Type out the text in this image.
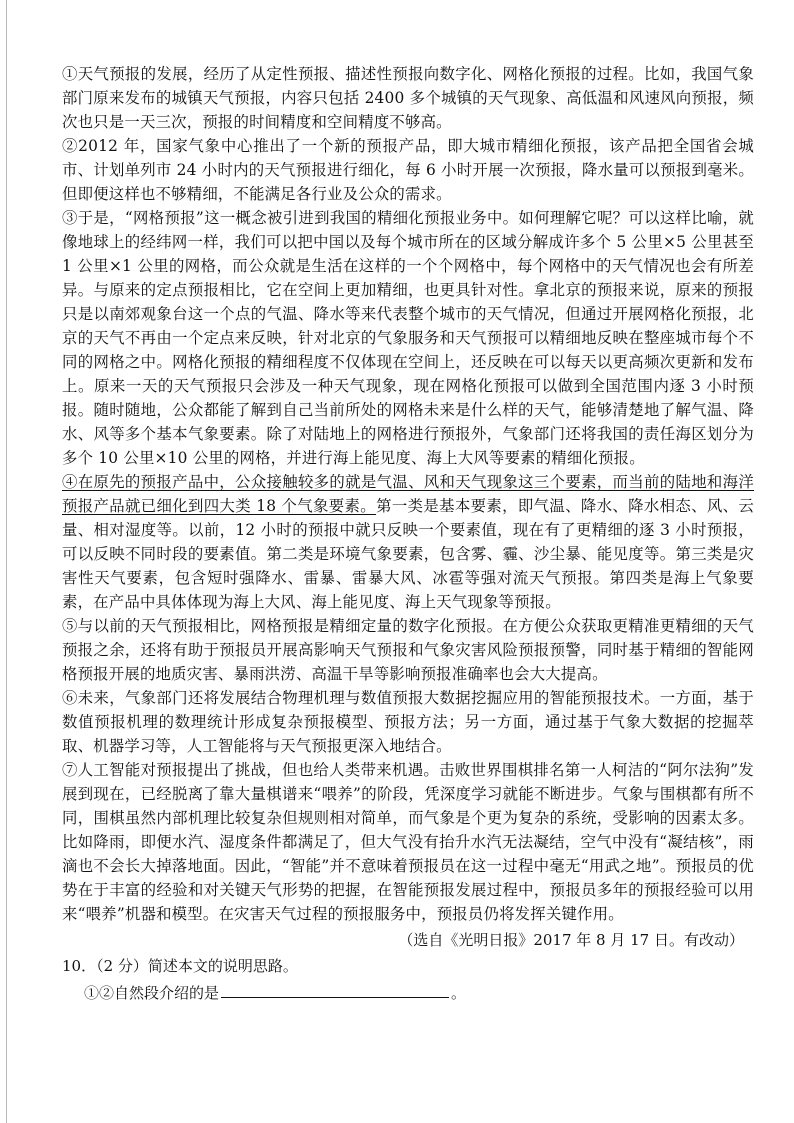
①天气预报的发展，经历了从定性预报、描述性预报向数字化、网格化预报的过程。比如，我国气象部门原来发布的城镇天气预报，内容只包括 2400 多个城镇的天气现象、高低温和风速风向预报，频次也只是一天三次，预报的时间精度和空间精度不够高。

②2012 年，国家气象中心推出了一个新的预报产品，即大城市精细化预报，该产品把全国省会城市、计划单列市 24 小时内的天气预报进行细化，每 6 小时开展一次预报，降水量可以预报到毫米。但即便这样也不够精细，不能满足各行业及公众的需求。

③于是，“网格预报”这一概念被引进到我国的精细化预报业务中。如何理解它呢？可以这样比喻，就像地球上的经纬网一样，我们可以把中国以及每个城市所在的区域分解成许多个 5 公里×5 公里甚至 1 公里×1 公里的网格，而公众就是生活在这样的一个个网格中，每个网格中的天气情况也会有所差异。与原来的定点预报相比，它在空间上更加精细，也更具针对性。拿北京的预报来说，原来的预报只是以南郊观象台这一个点的气温、降水等来代表整个城市的天气情况，但通过开展网格化预报，北京的天气不再由一个定点来反映，针对北京的气象服务和天气预报可以精细地反映在整座城市每个不同的网格之中。网格化预报的精细程度不仅体现在空间上，还反映在可以每天以更高频次更新和发布上。原来一天的天气预报只会涉及一种天气现象，现在网格化预报可以做到全国范围内逐 3 小时预报。随时随地，公众都能了解到自己当前所处的网格未来是什么样的天气，能够清楚地了解气温、降水、风等多个基本气象要素。除了对陆地上的网格进行预报外，气象部门还将我国的责任海区划分为多个 10 公里×10 公里的网格，并进行海上能见度、海上大风等要素的精细化预报。

④在原先的预报产品中，公众接触较多的就是气温、风和天气现象这三个要素，而当前的陆地和海洋预报产品就已细化到四大类 18 个气象要素。第一类是基本要素，即气温、降水、降水相态、风、云量、相对湿度等。以前，12 小时的预报中就只反映一个要素值，现在有了更精细的逐 3 小时预报，可以反映不同时段的要素值。第二类是环境气象要素，包含雾、霾、沙尘暴、能见度等。第三类是灾害性天气要素，包含短时强降水、雷暴、雷暴大风、冰雹等强对流天气预报。第四类是海上气象要素，在产品中具体体现为海上大风、海上能见度、海上天气现象等预报。

⑤与以前的天气预报相比，网格预报是精细定量的数字化预报。在方便公众获取更精准更精细的天气预报之余，还将有助于预报员开展高影响天气预报和气象灾害风险预报预警，同时基于精细的智能网格预报开展的地质灾害、暴雨洪涝、高温干旱等影响预报准确率也会大大提高。

⑥未来，气象部门还将发展结合物理机理与数值预报大数据挖掘应用的智能预报技术。一方面，基于数值预报机理的数理统计形成复杂预报模型、预报方法；另一方面，通过基于气象大数据的挖掘萃取、机器学习等，人工智能将与天气预报更深入地结合。

⑦人工智能对预报提出了挑战，但也给人类带来机遇。击败世界围棋排名第一人柯洁的“阿尔法狗”发展到现在，已经脱离了靠大量棋谱来“喂养”的阶段，凭深度学习就能不断进步。气象与围棋都有所不同，围棋虽然内部机理比较复杂但规则相对简单，而气象是个更为复杂的系统，受影响的因素太多。比如降雨，即便水汽、湿度条件都满足了，但大气没有抬升水汽无法凝结，空气中没有“凝结核”，雨滴也不会长大掉落地面。因此，“智能”并不意味着预报员在这一过程中毫无“用武之地”。预报员的优势在于丰富的经验和对关键天气形势的把握，在智能预报发展过程中，预报员多年的预报经验可以用来“喂养”机器和模型。在灾害天气过程的预报服务中，预报员仍将发挥关键作用。

（选自《光明日报》2017 年 8 月 17 日。有改动）

10．（2 分）简述本文的说明思路。

①②自然段介绍的是	。
